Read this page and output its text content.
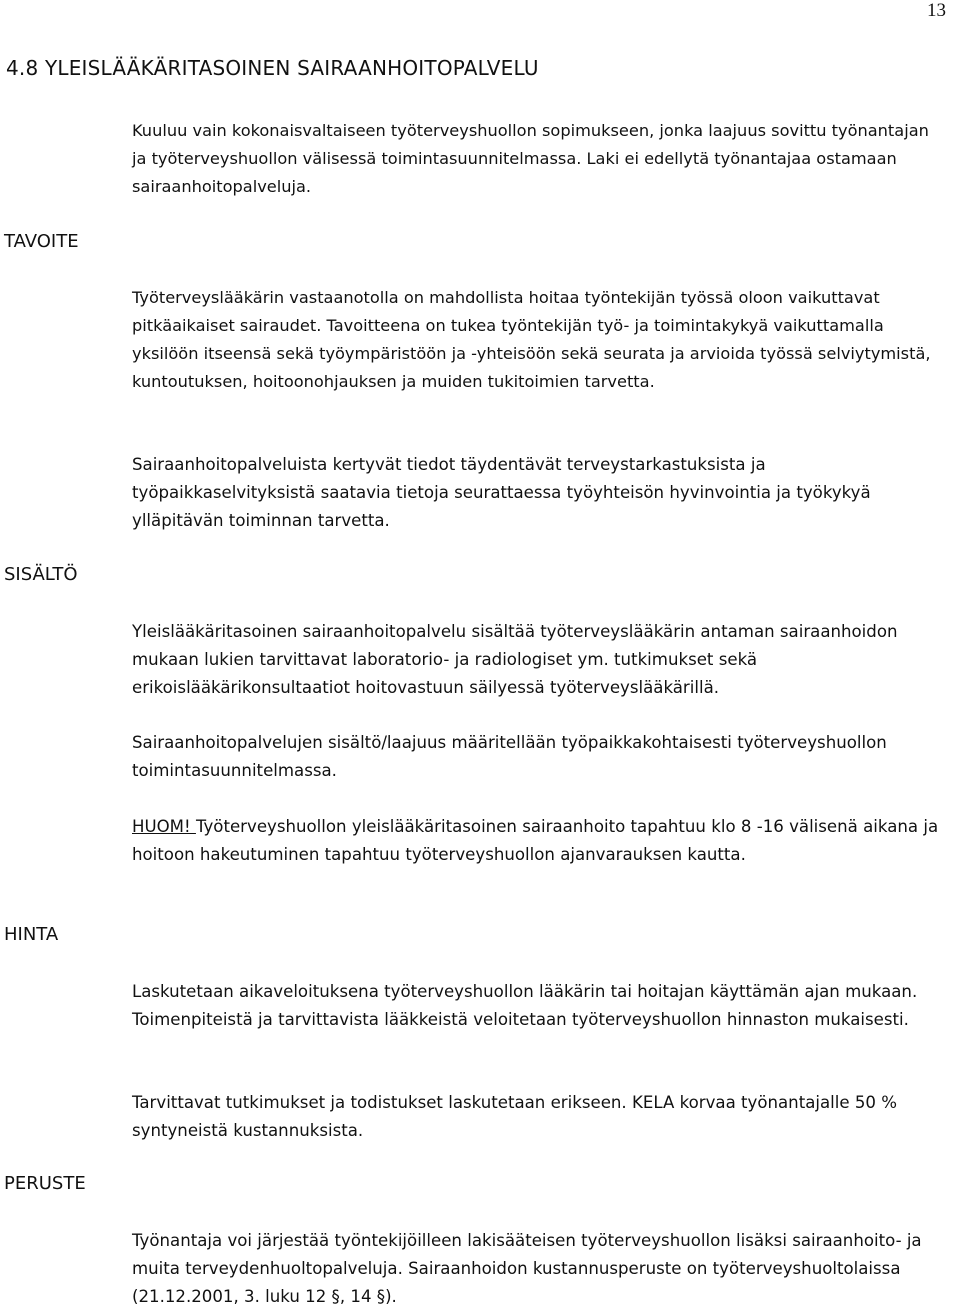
13
4.8 YLEISLÄÄKÄRITASOINEN SAIRAANHOITOPALVELU

Kuuluu vain kokonaisvaltaiseen työterveyshuollon sopimukseen, jonka laajuus sovittu työnantajan ja työterveyshuollon välisessä toimintasuunnitelmassa. Laki ei edellytä työnantajaa ostamaan sairaanhoitopalveluja.

TAVOITE

Työterveyslääkärin vastaanotolla on mahdollista hoitaa työntekijän työssä oloon vaikuttavat pitkäaikaiset sairaudet. Tavoitteena on tukea työntekijän työ- ja toimintakykyä vaikuttamalla yksilöön itseensä sekä työympäristöön ja -yhteisöön sekä seurata ja arvioida työssä selviytymistä, kuntoutuksen, hoitoonohjauksen ja muiden tukitoimien tarvetta.

Sairaanhoitopalveluista kertyvät tiedot täydentävät terveystarkastuksista ja työpaikkaselvityksistä saatavia tietoja seurattaessa työyhteisön hyvinvointia ja työkykyä ylläpitävän toiminnan tarvetta.

SISÄLTÖ

Yleislääkäritasoinen sairaanhoitopalvelu sisältää työterveyslääkärin antaman sairaanhoidon mukaan lukien tarvittavat laboratorio- ja radiologiset ym. tutkimukset sekä erikoislääkärikonsultaatiot hoitovastuun säilyessä työterveyslääkärillä.

Sairaanhoitopalvelujen sisältö/laajuus määritellään työpaikkakohtaisesti työterveyshuollon toimintasuunnitelmassa.

HUOM! Työterveyshuollon yleislääkäritasoinen sairaanhoito tapahtuu klo 8 -16 välisenä aikana ja hoitoon hakeutuminen tapahtuu työterveyshuollon ajanvarauksen kautta.

HINTA

Laskutetaan aikaveloituksena työterveyshuollon lääkärin tai hoitajan käyttämän ajan mukaan. Toimenpiteistä ja tarvittavista lääkkeistä veloitetaan työterveyshuollon hinnaston mukaisesti.

Tarvittavat tutkimukset ja todistukset laskutetaan erikseen. KELA korvaa työnantajalle 50 % syntyneistä kustannuksista.

PERUSTE

Työnantaja voi järjestää työntekijöilleen lakisääteisen työterveyshuollon lisäksi sairaanhoito- ja muita terveydenhuoltopalveluja. Sairaanhoidon kustannusperuste on työterveyshuoltolaissa (21.12.2001, 3. luku 12 §, 14 §).
